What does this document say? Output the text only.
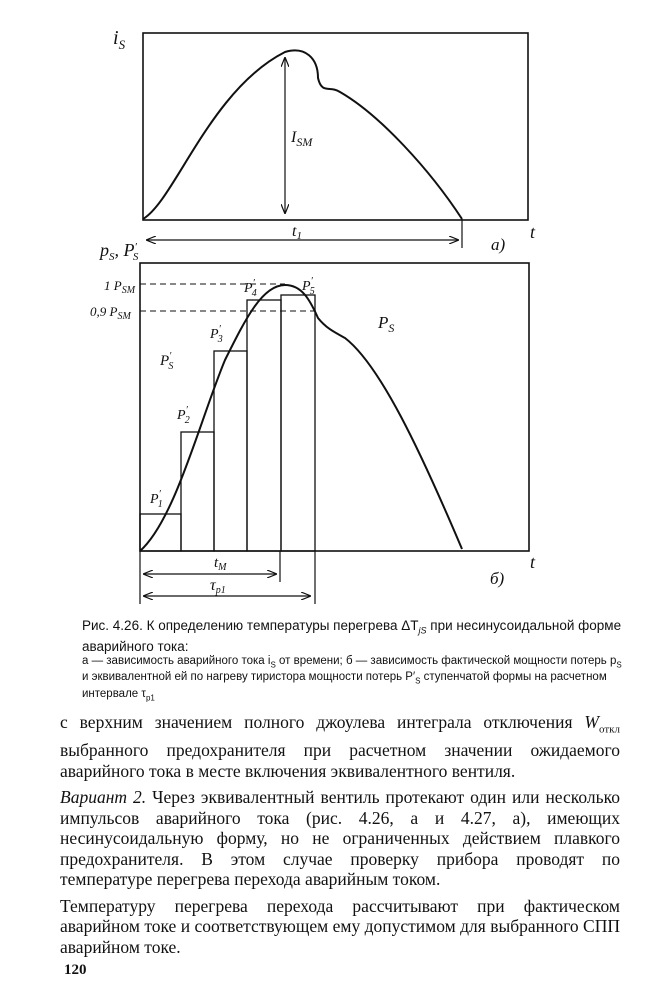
$i_S$
t
$I_{SM}$
t1	а)
$p_S$, P′ S
1 $P_{SM}$
0,9 $P_{SM}$
P′ 1
P′ 2
P′ 3
P′ 4	P′ 5
P′ S
$P_S$
t
$t_M$
τp1
б)
Рис. 4.26. К определению температуры перегрева $\Delta T_{jS}$ при несинусоидальной форме аварийного тока:
а — зависимость аварийного тока $i_S$ от времени; б — зависимость фактической мощности потерь $p_S$ и эквивалентной ей по нагреву тиристора мощности потерь $P'_S$ ступенчатой формы на расчетном интервале $\tau_{p1}$

с верхним значением полного джоулева интеграла отключения $W_{откл}$ выбранного предохранителя при расчетном значении ожидаемого аварийного тока в месте включения эквивалентного вентиля.

Вариант 2. Через эквивалентный вентиль протекают один или несколько импульсов аварийного тока (рис. 4.26, а и 4.27, а), имеющих несинусоидальную форму, но не ограниченных действием плавкого предохранителя. В этом случае проверку прибора проводят по температуре перегрева перехода аварийным током.

Температуру перегрева перехода рассчитывают при фактическом аварийном токе и соответствующем ему допустимом для выбранного СПП аварийном токе.

120
